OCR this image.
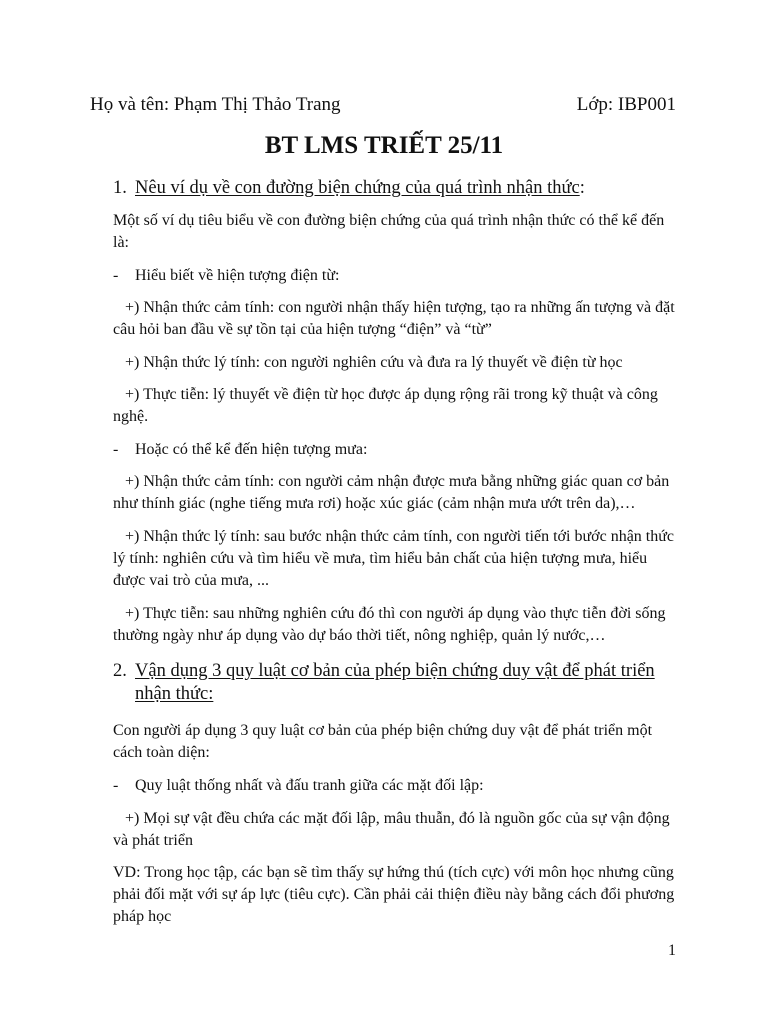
Họ và tên: Phạm Thị Thảo Trang	Lớp: IBP001
BT LMS TRIẾT 25/11
1. Nêu ví dụ về con đường biện chứng của quá trình nhận thức:
Một số ví dụ tiêu biểu về con đường biện chứng của quá trình nhận thức có thể kể đến là:
-	Hiểu biết về hiện tượng điện từ:
+) Nhận thức cảm tính: con người nhận thấy hiện tượng, tạo ra những ấn tượng và đặt câu hỏi ban đầu về sự tồn tại của hiện tượng “điện” và “từ”
+) Nhận thức lý tính: con người nghiên cứu và đưa ra lý thuyết về điện từ học
+) Thực tiễn: lý thuyết về điện từ học được áp dụng rộng rãi trong kỹ thuật và công nghệ.
-	Hoặc có thể kể đến hiện tượng mưa:
+) Nhận thức cảm tính: con người cảm nhận được mưa bằng những giác quan cơ bản như thính giác (nghe tiếng mưa rơi) hoặc xúc giác (cảm nhận mưa ướt trên da),…
+) Nhận thức lý tính: sau bước nhận thức cảm tính, con người tiến tới bước nhận thức lý tính: nghiên cứu và tìm hiểu về mưa, tìm hiểu bản chất của hiện tượng mưa, hiểu được vai trò của mưa, ...
+) Thực tiễn: sau những nghiên cứu đó thì con người áp dụng vào thực tiễn đời sống thường ngày như áp dụng vào dự báo thời tiết, nông nghiệp, quản lý nước,…
2. Vận dụng 3 quy luật cơ bản của phép biện chứng duy vật để phát triển nhận thức:
Con người áp dụng 3 quy luật cơ bản của phép biện chứng duy vật để phát triển một cách toàn diện:
-	Quy luật thống nhất và đấu tranh giữa các mặt đối lập:
+) Mọi sự vật đều chứa các mặt đối lập, mâu thuẫn, đó là nguồn gốc của sự vận động và phát triển
VD: Trong học tập, các bạn sẽ tìm thấy sự hứng thú (tích cực) với môn học nhưng cũng phải đối mặt với sự áp lực (tiêu cực). Cần phải cải thiện điều này bằng cách đổi phương pháp học
1
